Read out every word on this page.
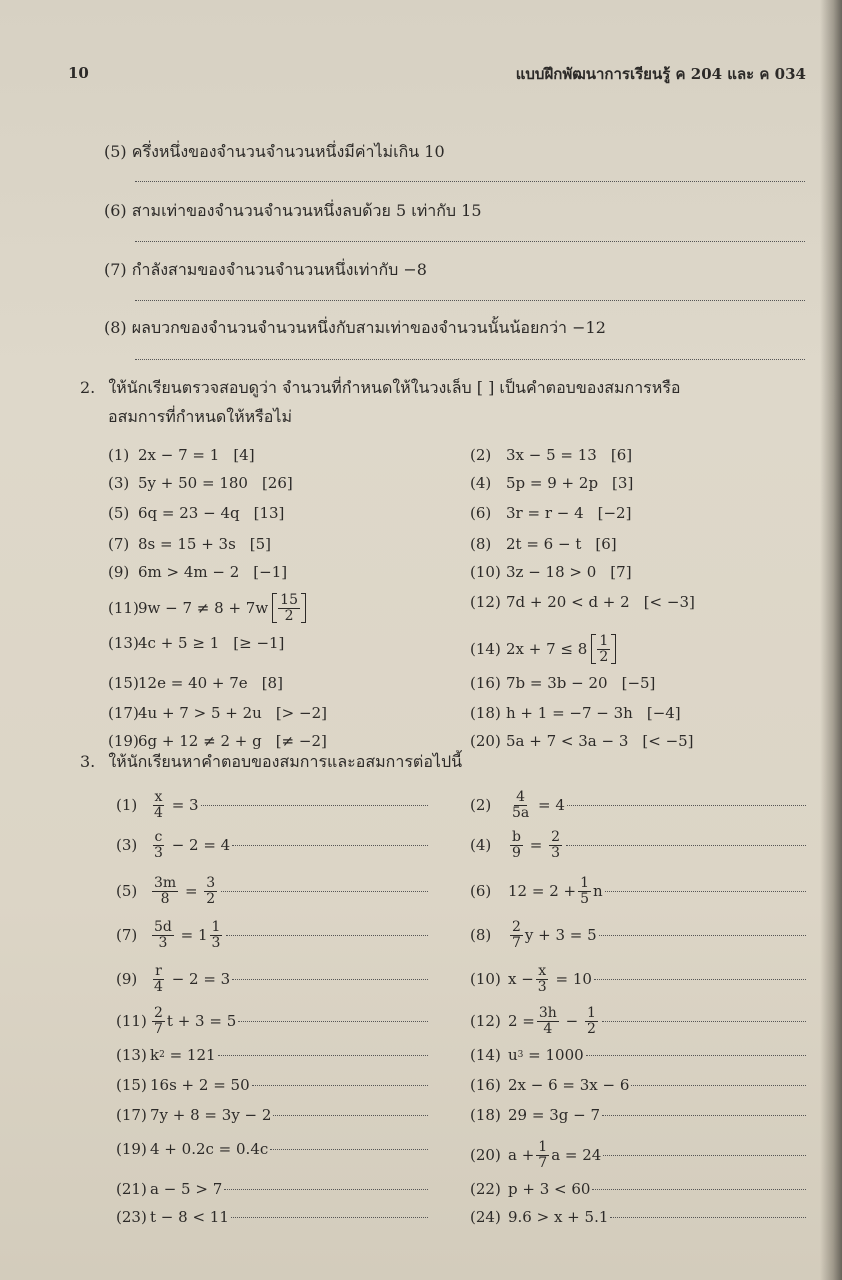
10	แบบฝึกพัฒนาการเรียนรู้ ค 204 และ ค 034
(5) ครึ่งหนึ่งของจำนวนจำนวนหนึ่งมีค่าไม่เกิน 10
(6) สามเท่าของจำนวนจำนวนหนึ่งลบด้วย 5 เท่ากับ 15
(7) กำลังสามของจำนวนจำนวนหนึ่งเท่ากับ −8
(8) ผลบวกของจำนวนจำนวนหนึ่งกับสามเท่าของจำนวนนั้นน้อยกว่า −12
2. ให้นักเรียนตรวจสอบดูว่า จำนวนที่กำหนดให้ในวงเล็บ [ ] เป็นคำตอบของสมการหรือ
อสมการที่กำหนดให้หรือไม่
(1) 2x − 7 = 1 [4]	(2) 3x − 5 = 13 [6]
(3) 5y + 50 = 180 [26]	(4) 5p = 9 + 2p [3]
(5) 6q = 23 − 4q [13]	(6) 3r = r − 4 [−2]
(7) 8s = 15 + 3s [5]	(8) 2t = 6 − t [6]
(9) 6m > 4m − 2 [−1]	(10) 3z − 18 > 0 [7]
(11) $9w - 7 \ne 8 + 7w \frac{15}{2}$	(12) 7d + 20 < d + 2 [< −3]
(13) 4c + 5 ≥ 1 [≥ −1]	(14) $2x + 7 \le 8 \frac{1}{2}$
(15) 12e = 40 + 7e [8]	(16) 7b = 3b − 20 [−5]
(17) 4u + 7 > 5 + 2u [> −2]	(18) h + 1 = −7 − 3h [−4]
(19) 6g + 12 ≠ 2 + g [≠ −2]	(20) 5a + 7 < 3a − 3 [< −5]
3. ให้นักเรียนหาคำตอบของสมการและอสมการต่อไปนี้
(1)	$\frac{x}{4} = 3$	(2)	$\frac{4}{5a} = 4$
(3)	$\frac{c}{3} - 2 = 4$	(4)	$\frac{b}{9} = \frac{2}{3}$
(5)	$\frac{3m}{8} = \frac{3}{2}$	(6)	$12 = 2 + \frac{1}{5}$ n
(7)	$\frac{5d}{3} = 1 \frac{1}{3}$	(8)	$\frac{2}{7}$ y + 3 = 5
(9)	$\frac{r}{4} - 2 = 3$	(10) $x - \frac{x}{3} = 10$
$(11) \frac{2}{7}$ t + 3 = 5	(12) $2 = \frac{3h}{4} - \frac{1}{2}$
(13) k 2 = 121	(14) u 3 = 1000
(15) 16s + 2 = 50	(16) 2x − 6 = 3x − 6
(17) 7y + 8 = 3y − 2	(18) 29 = 3g − 7
(19) 4 + 0.2c = 0.4c	(20) $a + \frac{1}{7}$ a = 24
(21) a − 5 > 7	(22) p + 3 < 60
(23) t − 8 < 11	(24) 9.6 > x + 5.1
